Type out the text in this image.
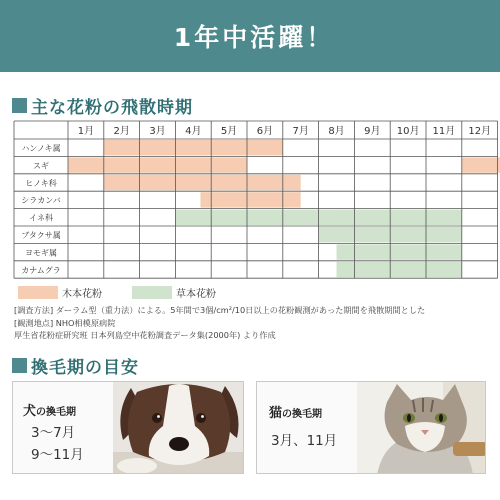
1年中活躍！
主な花粉の飛散時期
1月 2月 3月 4月 5月 6月 7月 8月 9月 10月 11月 12月
ハンノキ属
スギ
ヒノキ科
シラカンバ
イネ科
ブタクサ属
ヨモギ属
カナムグラ
木本花粉	草本花粉
[調査方法] ダーラム型（重力法）による。5年間で3個/cm²/10日以上の花粉観測があった期間を飛散期間とした
[観測地点] NHO相模原病院
厚生省花粉症研究班 日本列島空中花粉調査データ集(2000年) より作成
換毛期の目安
犬の換毛期
3〜7月
9〜11月
猫の換毛期
3月、11月
